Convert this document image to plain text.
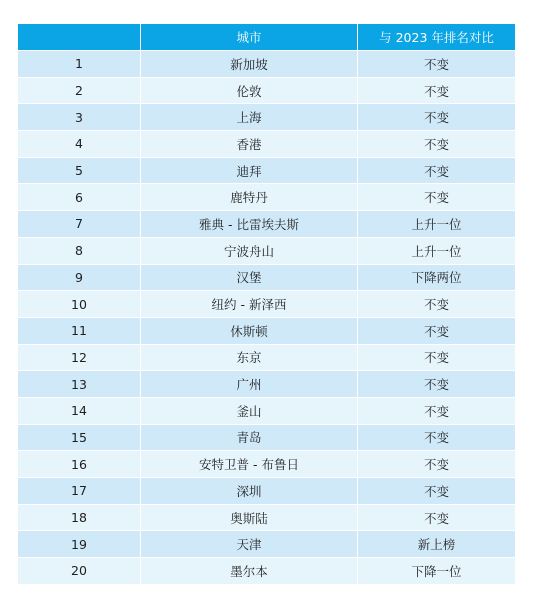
	城市	与 2023 年排名对比
1	新加坡	不变
2	伦敦	不变
3	上海	不变
4	香港	不变
5	迪拜	不变
6	鹿特丹	不变
7	雅典 - 比雷埃夫斯	上升一位
8	宁波舟山	上升一位
9	汉堡	下降两位
10	纽约 - 新泽西	不变
11	休斯顿	不变
12	东京	不变
13	广州	不变
14	釜山	不变
15	青岛	不变
16	安特卫普 - 布鲁日	不变
17	深圳	不变
18	奥斯陆	不变
19	天津	新上榜
20	墨尔本	下降一位
